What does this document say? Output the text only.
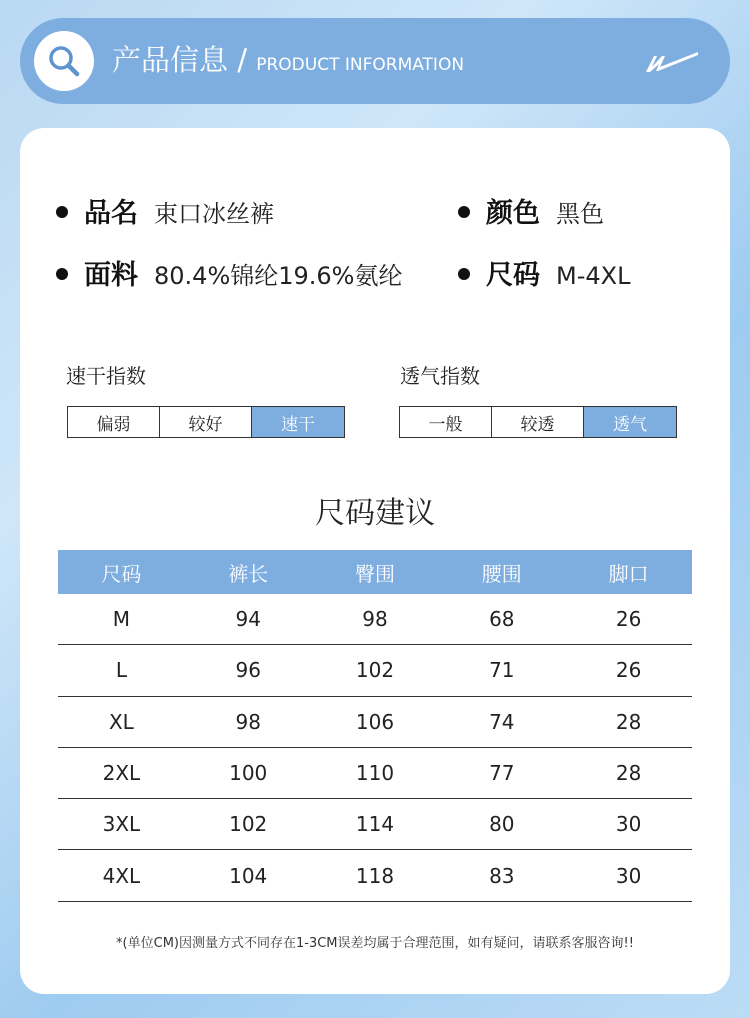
产品信息 / PRODUCT INFORMATION
品名 束口冰丝裤	颜色 黑色
面料 80.4%锦纶19.6%氨纶	尺码 M-4XL
速干指数
偏弱	较好	速干
透气指数
一般	较透	透气
尺码建议
尺码	裤长	臀围	腰围	脚口
M	94	98	68	26
L	96	102	71	26
XL	98	106	74	28
2XL	100	110	77	28
3XL	102	114	80	30
4XL	104	118	83	30
*(单位CM)因测量方式不同存在1-3CM误差均属于合理范围，如有疑问，请联系客服咨询!!
